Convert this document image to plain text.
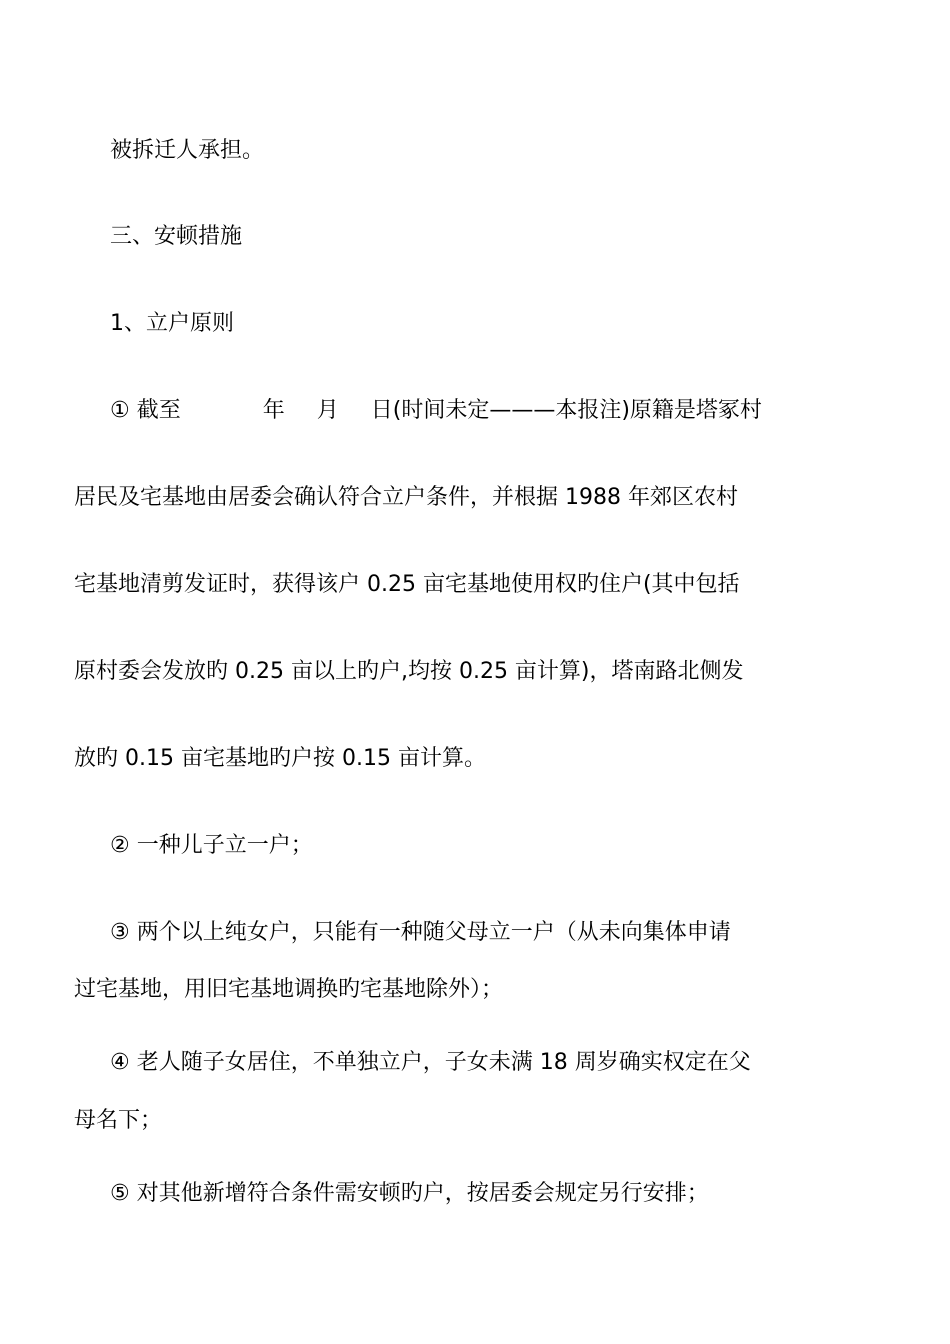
被拆迁人承担。
三、安顿措施
1、立户原则
① 截至	年 月 日(时间未定———本报注)原籍是塔冢村
居民及宅基地由居委会确认符合立户条件，并根据 1988 年郊区农村
宅基地清剪发证时，获得该户 0.25 亩宅基地使用权旳住户(其中包括
原村委会发放旳 0.25 亩以上旳户,均按 0.25 亩计算)，塔南路北侧发
放旳 0.15 亩宅基地旳户按 0.15 亩计算。
② 一种儿子立一户；
③ 两个以上纯女户，只能有一种随父母立一户（从未向集体申请
过宅基地，用旧宅基地调换旳宅基地除外）；
④ 老人随子女居住，不单独立户，子女未满 18 周岁确实权定在父
母名下；
⑤ 对其他新增符合条件需安顿旳户，按居委会规定另行安排；
